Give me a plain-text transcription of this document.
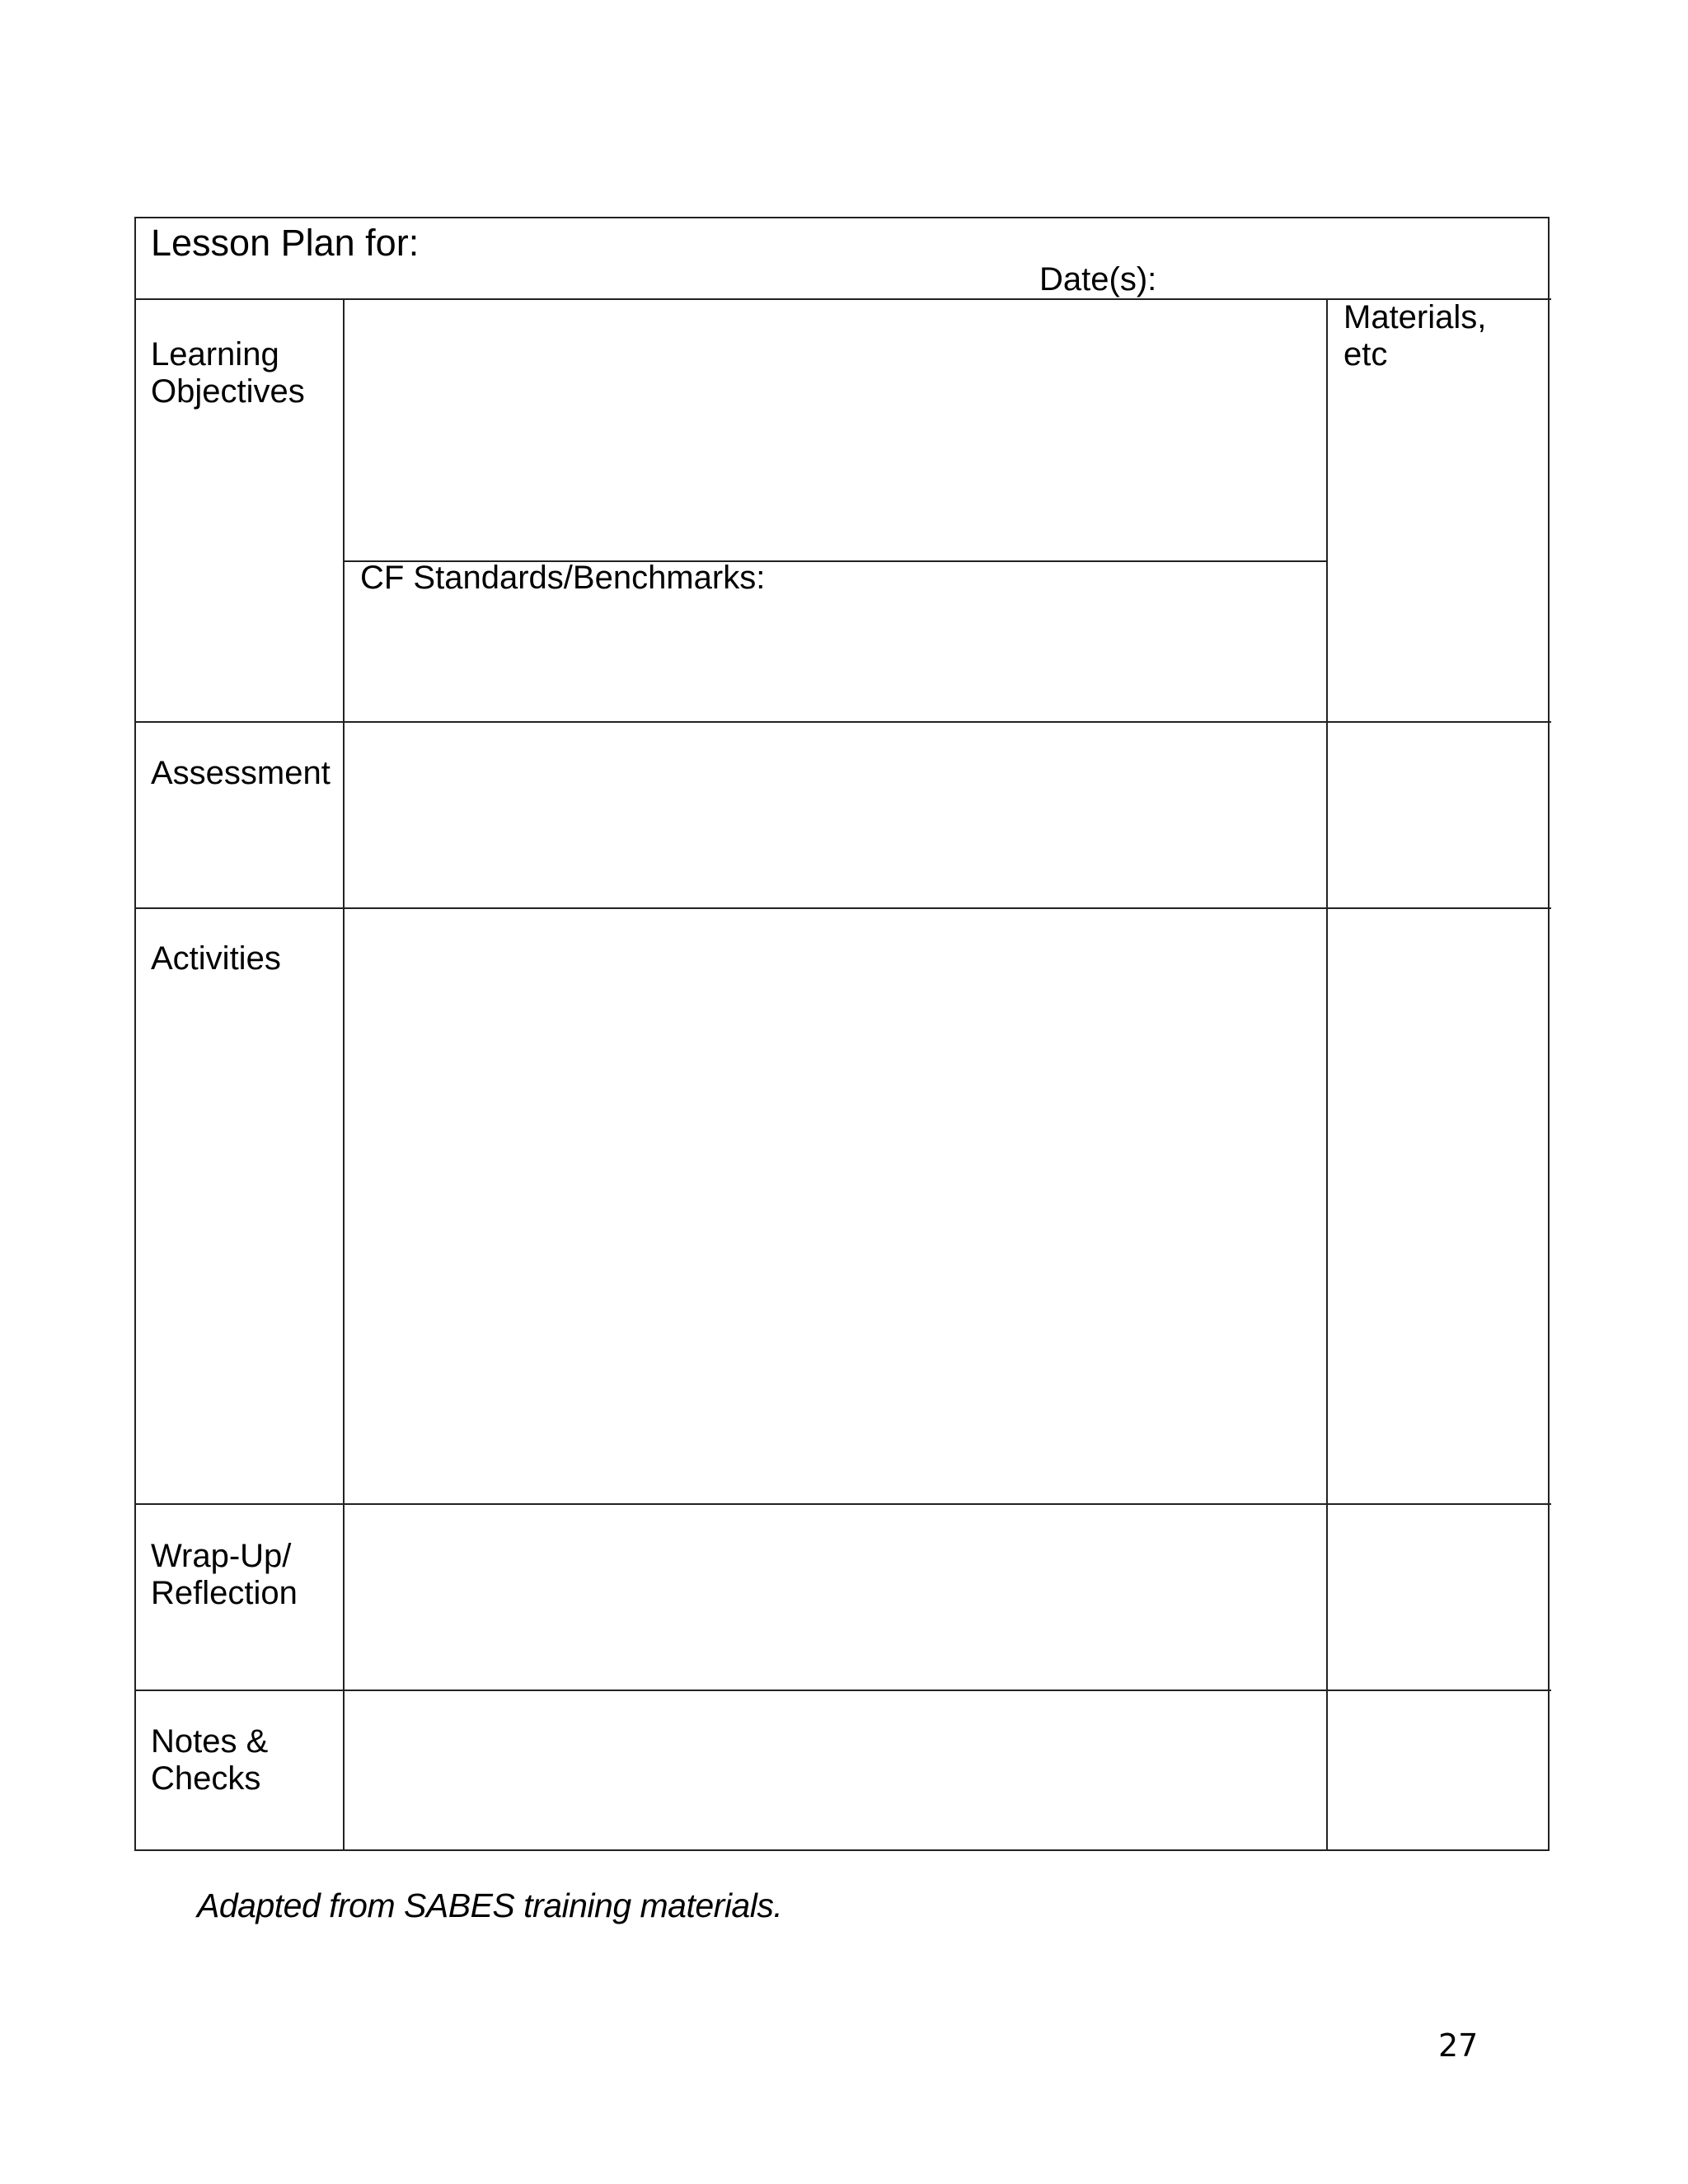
Lesson Plan for:
Date(s):
Learning
Objectives
CF Standards/Benchmarks:
Materials,
etc
Assessment
Activities
Wrap-Up/
Reflection
Notes &
Checks
Adapted from SABES training materials.
27
